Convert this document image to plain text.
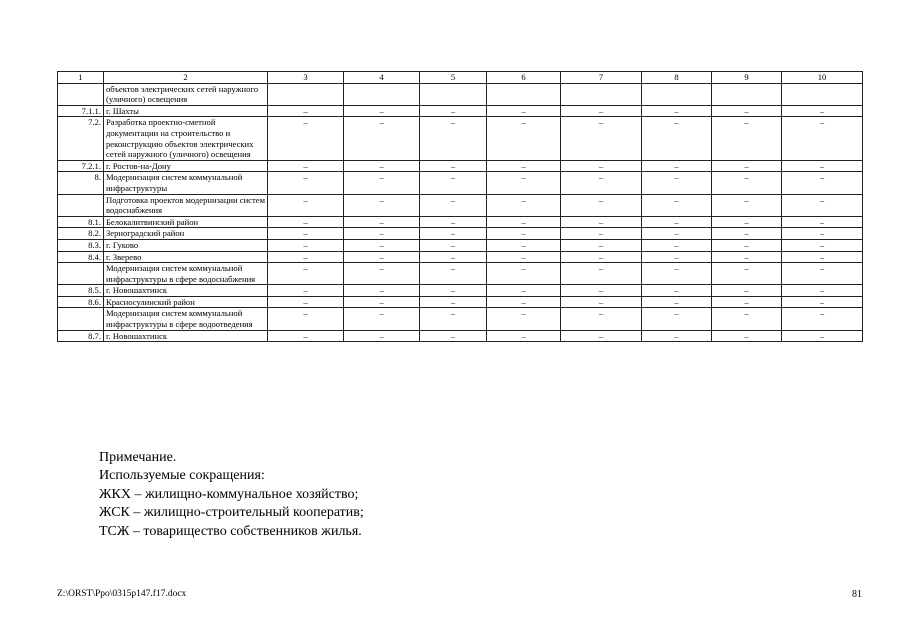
1	2	3	4	5	6	7	8	9	10
	объектов электрических сетей наружного (уличного) освещения								
7.1.1.	г. Шахты	–	–	–	–	–	–	–	–
7.2.	Разработка проектно-сметной документации на строительство и реконструкцию объектов электрических сетей наружного (уличного) освещения	–	–	–	–	–	–	–	–
7.2.1.	г. Ростов-на-Дону	–	–	–	–	–	–	–	–
8.	Модернизация систем коммунальной инфраструктуры	–	–	–	–	–	–	–	–
	Подготовка проектов модернизации систем водоснабжения	–	–	–	–	–	–	–	–
8.1.	Белокалитвинский район	–	–	–	–	–	–	–	–
8.2.	Зерноградский район	–	–	–	–	–	–	–	–
8.3.	г. Гуково	–	–	–	–	–	–	–	–
8.4.	г. Зверево	–	–	–	–	–	–	–	–
	Модернизация систем коммунальной инфраструктуры в сфере водоснабжения	–	–	–	–	–	–	–	–
8.5.	г. Новошахтинск	–	–	–	–	–	–	–	–
8.6.	Красносулинский район	–	–	–	–	–	–	–	–
	Модернизация систем коммунальной инфраструктуры в сфере водоотведения	–	–	–	–	–	–	–	–
8.7.	г. Новошахтинск	–	–	–	–	–	–	–	–
Примечание.
Используемые сокращения:
ЖКХ – жилищно-коммунальное хозяйство;
ЖСК – жилищно-строительный кооператив;
ТСЖ – товарищество собственников жилья.
Z:\ORST\Ppo\0315p147.f17.docx	81
